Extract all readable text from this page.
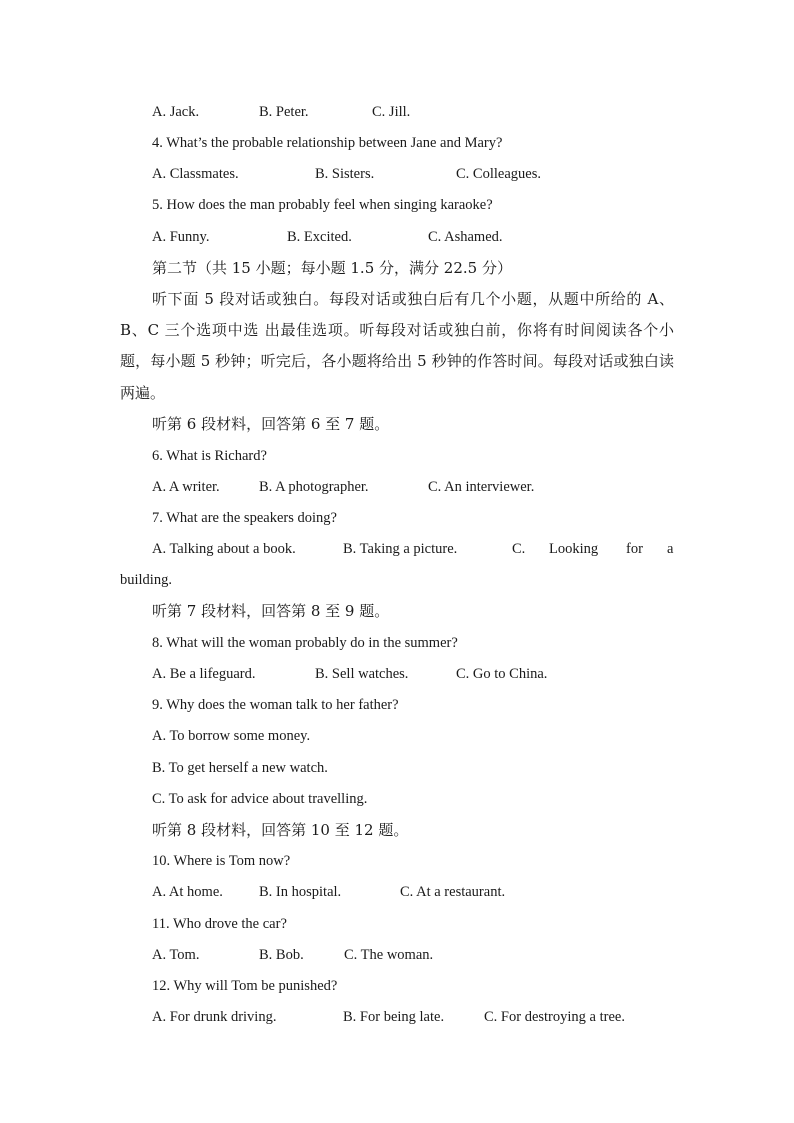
A. Jack.	B. Peter.	C. Jill.
4. What’s the probable relationship between Jane and Mary?
A. Classmates.	B. Sisters.	C. Colleagues.
5. How does the man probably feel when singing karaoke?
A. Funny.	B. Excited.	C. Ashamed.
第二节（共 15 小题；每小题 1.5 分，满分 22.5 分）
听下面 5 段对话或独白。每段对话或独白后有几个小题，从题中所给的 A、B、C 三个选项中选 出最佳选项。听每段对话或独白前，你将有时间阅读各个小题，每小题 5 秒钟；听完后，各小题将给出 5 秒钟的作答时间。每段对话或独白读两遍。
听第 6 段材料，回答第 6 至 7 题。
6. What is Richard?
A. A writer.	B. A photographer.	C. An interviewer.
7. What are the speakers doing?
A. Talking about a book.	B. Taking a picture.	C. Looking for a
building.
听第 7 段材料，回答第 8 至 9 题。
8. What will the woman probably do in the summer?
A. Be a lifeguard.	B. Sell watches.	C. Go to China.
9. Why does the woman talk to her father?
A. To borrow some money.
B. To get herself a new watch.
C. To ask for advice about travelling.
听第 8 段材料，回答第 10 至 12 题。
10. Where is Tom now?
A. At home. B. In hospital.	C. At a restaurant.
11. Who drove the car?
A. Tom.	B. Bob.	C. The woman.
12. Why will Tom be punished?
A. For drunk driving.	B. For being late.	C. For destroying a tree.
